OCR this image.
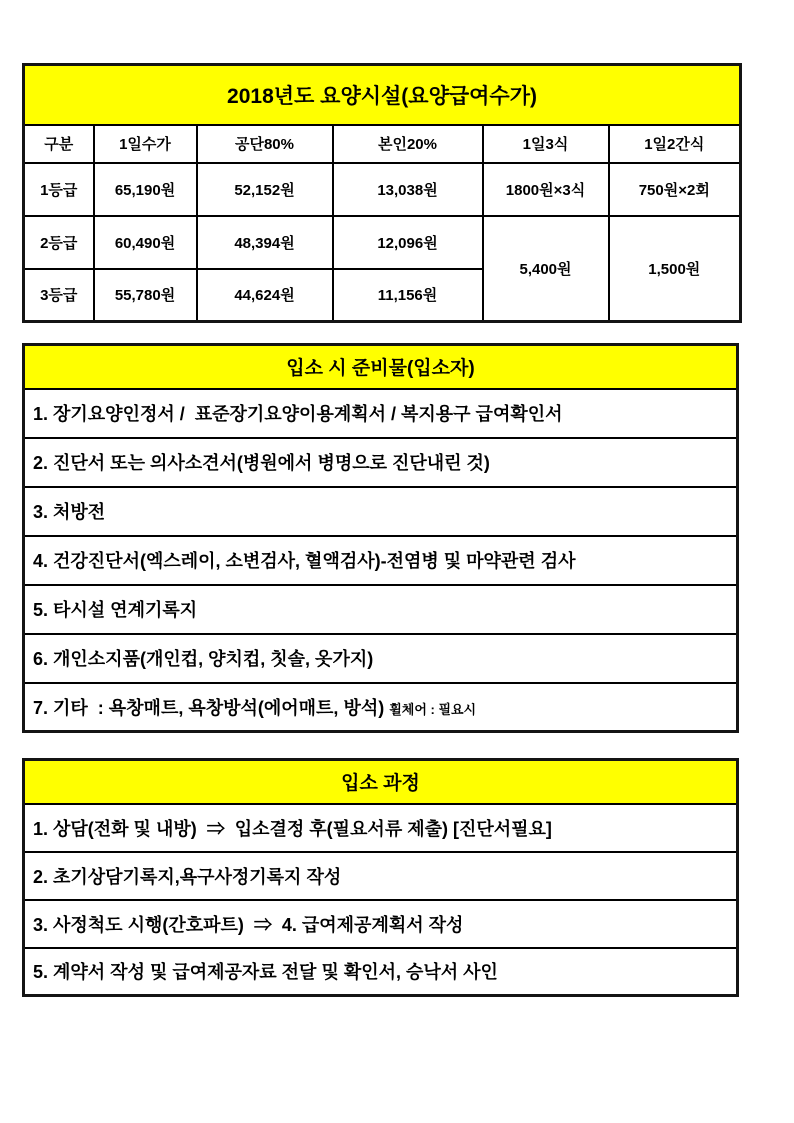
2018년도 요양시설(요양급여수가)					
구분	1일수가	공단80%	본인20%	1일3식	1일2간식
1등급	65,190원	52,152원	13,038원	1800원×3식	750원×2회
2등급	60,490원	48,394원	12,096원	5,400원	1,500원
3등급	55,780원	44,624원	11,156원		
입소 시 준비물(입소자)
1. 장기요양인정서 /  표준장기요양이용계획서 / 복지용구 급여확인서
2. 진단서 또는 의사소견서(병원에서 병명으로 진단내린 것)
3. 처방전
4. 건강진단서(엑스레이, 소변검사, 혈액검사)-전염병 및 마약관련 검사
5. 타시설 연계기록지
6. 개인소지품(개인컵, 양치컵, 칫솔, 옷가지)
7. 기타  : 욕창매트, 욕창방석(에어매트, 방석) 휠체어 : 필요시
입소 과정
1. 상담(전화 및 내방)  ⇒  입소결정 후(필요서류 제출) [진단서필요]
2. 초기상담기록지,욕구사정기록지 작성
3. 사정척도 시행(간호파트)  ⇒  4. 급여제공계획서 작성
5. 계약서 작성 및 급여제공자료 전달 및 확인서, 승낙서 사인
